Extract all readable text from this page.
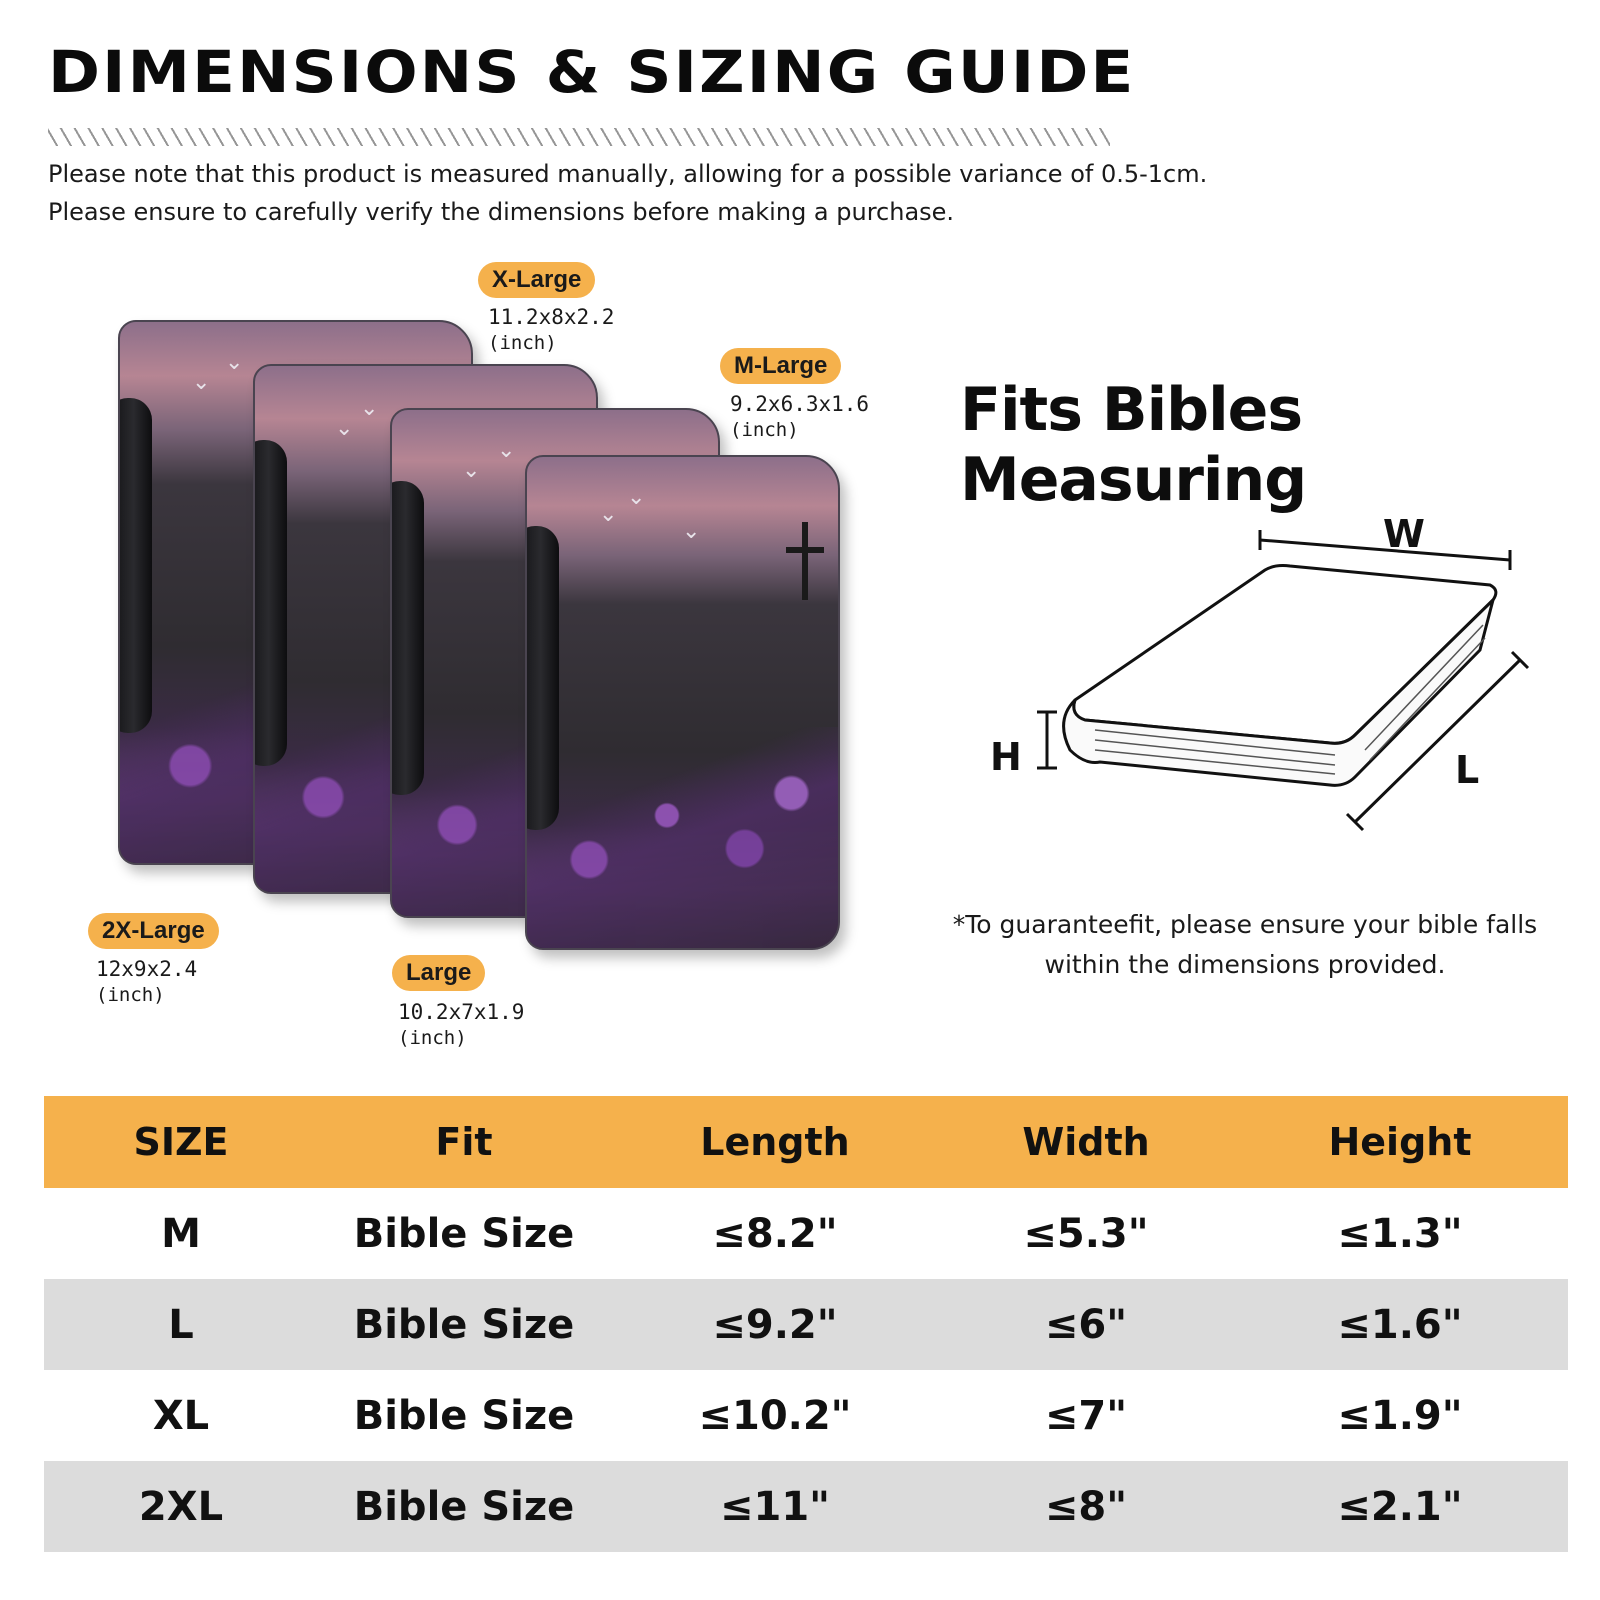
DIMENSIONS & SIZING GUIDE
Please note that this product is measured manually, allowing for a possible variance of 0.5-1cm.
Please ensure to carefully verify the dimensions before making a purchase.
⌄
⌄
⌄
⌄
⌄
⌄
⌄
⌄
⌄
X-Large
11.2x8x2.2
(inch)
M-Large
9.2x6.3x1.6
(inch)
2X-Large
12x9x2.4
(inch)
Large
10.2x7x1.9
(inch)
Fits Bibles Measuring
W
H	L
*To guaranteefit, please ensure your bible falls
within the dimensions provided.
SIZE	Fit	Length	Width	Height
M	Bible Size	≤8.2"	≤5.3"	≤1.3"
L	Bible Size	≤9.2"	≤6"	≤1.6"
XL	Bible Size	≤10.2"	≤7"	≤1.9"
2XL	Bible Size	≤11"	≤8"	≤2.1"
